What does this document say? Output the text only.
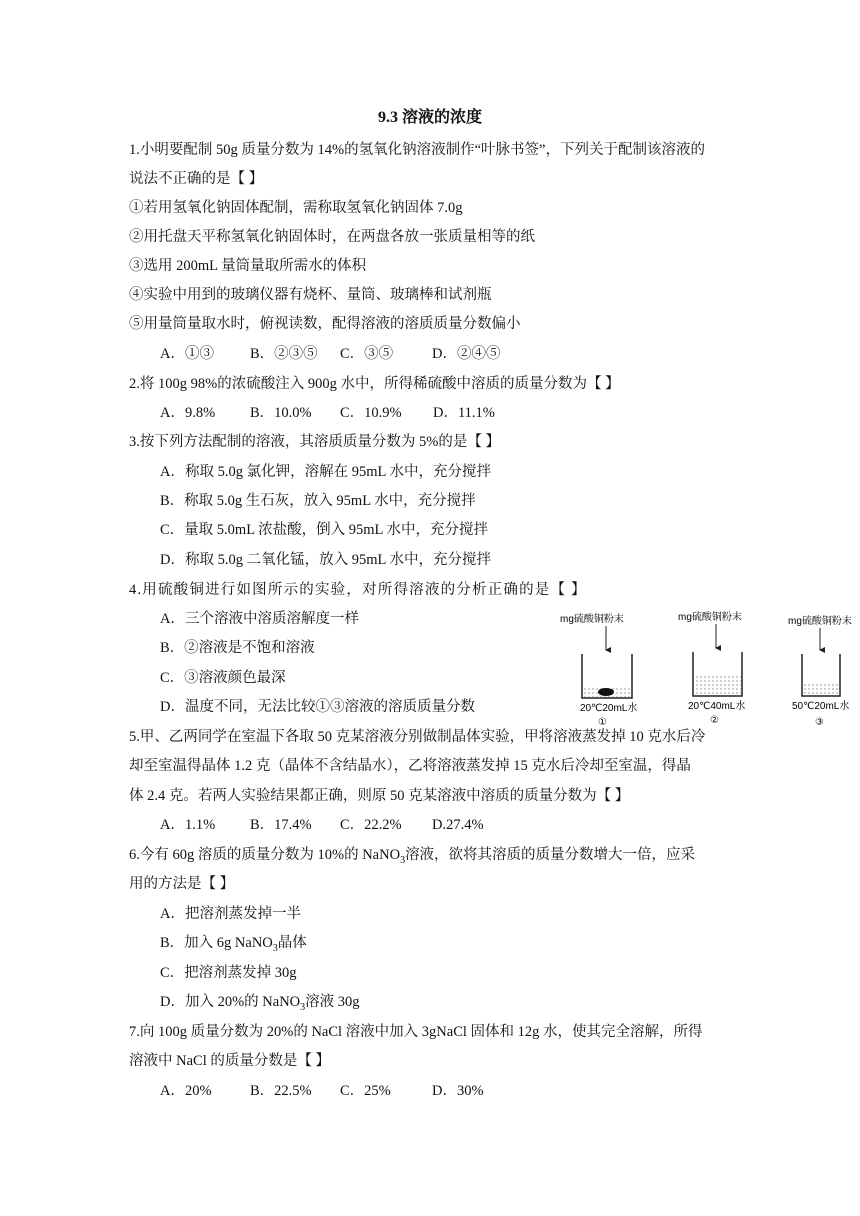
9.3 溶液的浓度
1.小明要配制 50g 质量分数为 14%的氢氧化钠溶液制作“叶脉书签”，下列关于配制该溶液的
说法不正确的是【 】
①若用氢氧化钠固体配制，需称取氢氧化钠固体 7.0g
②用托盘天平称氢氧化钠固体时，在两盘各放一张质量相等的纸
③选用 200mL 量筒量取所需水的体积
④实验中用到的玻璃仪器有烧杯、量筒、玻璃棒和试剂瓶
⑤用量筒量取水时，俯视读数，配得溶液的溶质质量分数偏小
A．①③ B．②③⑤ C．③⑤	D．②④⑤
2.将 100g 98%的浓硫酸注入 900g 水中，所得稀硫酸中溶质的质量分数为【 】
A．9.8% B．10.0% C．10.9% D．11.1%
3.按下列方法配制的溶液，其溶质质量分数为 5%的是【 】
A．称取 5.0g 氯化钾，溶解在 95mL 水中，充分搅拌
B．称取 5.0g 生石灰，放入 95mL 水中，充分搅拌
C．量取 5.0mL 浓盐酸，倒入 95mL 水中，充分搅拌
D．称取 5.0g 二氧化锰，放入 95mL 水中，充分搅拌
4.用硫酸铜进行如图所示的实验，对所得溶液的分析正确的是【 】
A．三个溶液中溶质溶解度一样
B．②溶液是不饱和溶液
C．③溶液颜色最深
D．温度不同，无法比较①③溶液的溶质质量分数
mg硫酸铜粉末
20℃20mL水
①
mg硫酸铜粉末
20℃40mL水
②
mg硫酸铜粉末
50℃20mL水
③
5.甲、乙两同学在室温下各取 50 克某溶液分别做制晶体实验，甲将溶液蒸发掉 10 克水后冷
却至室温得晶体 1.2 克（晶体不含结晶水），乙将溶液蒸发掉 15 克水后冷却至室温，得晶
体 2.4 克。若两人实验结果都正确，则原 50 克某溶液中溶质的质量分数为【 】
A．1.1% B．17.4% C．22.2% D.27.4%
6.今有 60g 溶质的质量分数为 10%的 NaNO$_3$溶液，欲将其溶质的质量分数增大一倍，应采
用的方法是【 】
A．把溶剂蒸发掉一半
B．加入 6g NaNO$_3$晶体
C．把溶剂蒸发掉 30g
D．加入 20%的 NaNO$_3$溶液 30g
7.向 100g 质量分数为 20%的 NaCl 溶液中加入 3gNaCl 固体和 12g 水，使其完全溶解，所得
溶液中 NaCl 的质量分数是【 】
A．20%	B．22.5% C．25%	D．30%
